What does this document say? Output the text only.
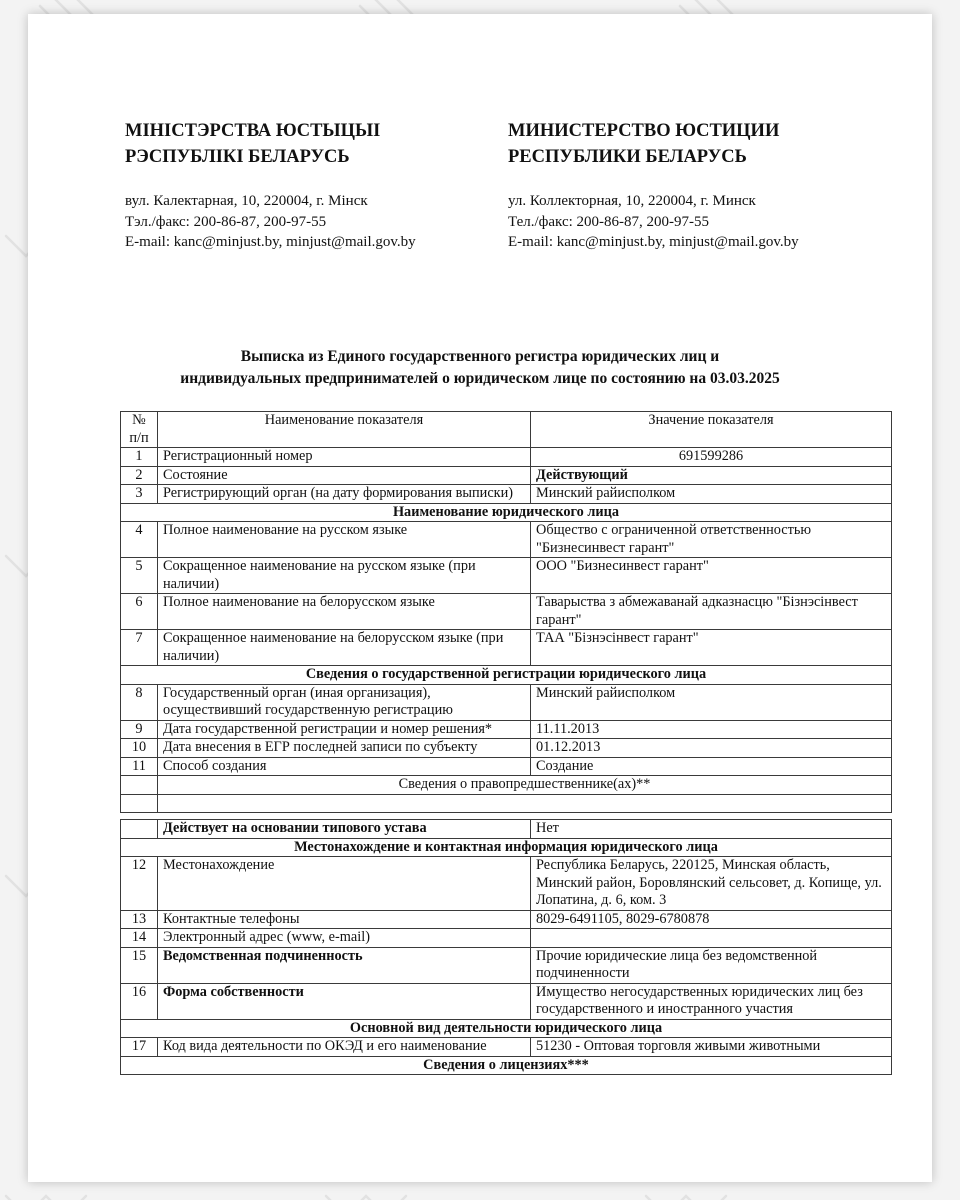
МІНІСТЭРСТВА ЮСТЫЦЫІ
РЭСПУБЛІКІ БЕЛАРУСЬ
вул. Калектарная, 10, 220004, г. Мінск
Тэл./факс: 200-86-87, 200-97-55
E-mail: kanc@minjust.by, minjust@mail.gov.by
МИНИСТЕРСТВО ЮСТИЦИИ
РЕСПУБЛИКИ БЕЛАРУСЬ
ул. Коллекторная, 10, 220004, г. Минск
Тел./факс: 200-86-87, 200-97-55
E-mail: kanc@minjust.by, minjust@mail.gov.by
Выписка из Единого государственного регистра юридических лиц и
индивидуальных предпринимателей о юридическом лице по состоянию на 03.03.2025
№
п/п	Наименование показателя	Значение показателя
1	Регистрационный номер	691599286
2	Состояние	Действующий
3	Регистрирующий орган (на дату формирования выписки)	Минский райисполком
Наименование юридического лица		
4	Полное наименование на русском языке	Общество с ограниченной ответственностью "Бизнесинвест гарант"
5	Сокращенное наименование на русском языке (при наличии)	ООО "Бизнесинвест гарант"
6	Полное наименование на белорусском языке	Таварыства з абмежаванай адказнасцю "Бізнэсінвест гарант"
7	Сокращенное наименование на белорусском языке (при наличии)	ТАА "Бізнэсінвест гарант"
Сведения о государственной регистрации юридического лица		
8	Государственный орган (иная организация), осуществивший государственную регистрацию	Минский райисполком
9	Дата государственной регистрации и номер решения*	11.11.2013
10	Дата внесения в ЕГР последней записи по субъекту	01.12.2013
11	Способ создания	Создание
	Сведения о правопредшественнике(ах)**	

	Действует на основании типового устава	Нет
Местонахождение и контактная информация юридического лица		
12	Местонахождение	Республика Беларусь, 220125, Минская область, Минский район, Боровлянский сельсовет, д. Копище, ул. Лопатина, д. 6, ком. 3
13	Контактные телефоны	8029-6491105, 8029-6780878
14	Электронный адрес (www, e-mail)	
15	Ведомственная подчиненность	Прочие юридические лица без ведомственной подчиненности
16	Форма собственности	Имущество негосударственных юридических лиц без государственного и иностранного участия
Основной вид деятельности юридического лица		
17	Код вида деятельности по ОКЭД и его наименование	51230 - Оптовая торговля живыми животными
Сведения о лицензиях***		
